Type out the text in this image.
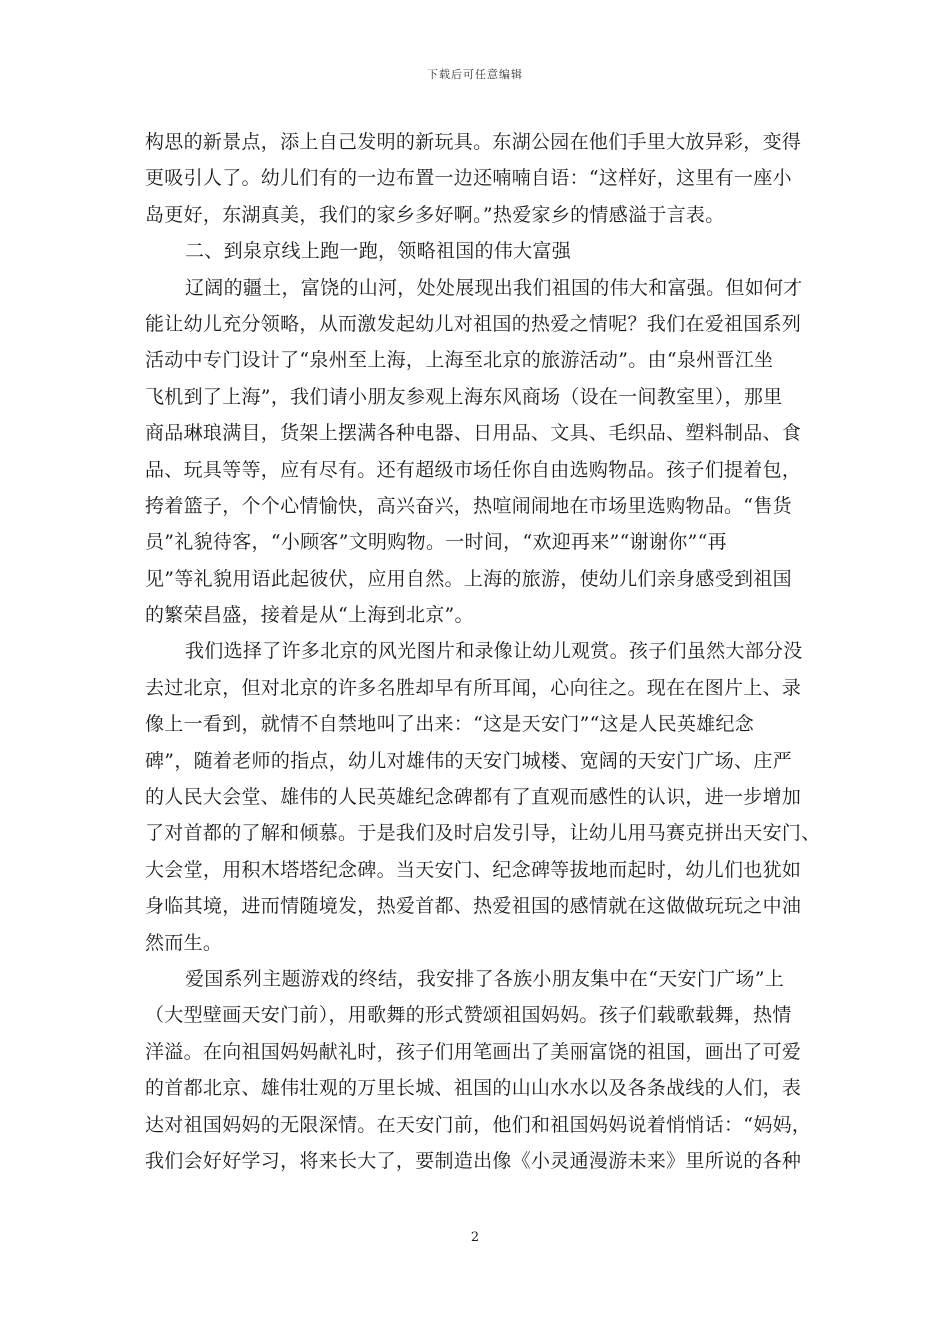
下载后可任意编辑
构思的新景点，添上自己发明的新玩具。东湖公园在他们手里大放异彩，变得
更吸引人了。幼儿们有的一边布置一边还喃喃自语：“这样好，这里有一座小
岛更好，东湖真美，我们的家乡多好啊。”热爱家乡的情感溢于言表。
二、到泉京线上跑一跑，领略祖国的伟大富强
辽阔的疆土，富饶的山河，处处展现出我们祖国的伟大和富强。但如何才
能让幼儿充分领略，从而激发起幼儿对祖国的热爱之情呢？我们在爱祖国系列
活动中专门设计了“泉州至上海，上海至北京的旅游活动”。由“泉州晋江坐
飞机到了上海”，我们请小朋友参观上海东风商场（设在一间教室里），那里
商品琳琅满目，货架上摆满各种电器、日用品、文具、毛织品、塑料制品、食
品、玩具等等，应有尽有。还有超级市场任你自由选购物品。孩子们提着包，
挎着篮子，个个心情愉快，高兴奋兴，热喧闹闹地在市场里选购物品。“售货
员”礼貌待客，“小顾客”文明购物。一时间，“欢迎再来”“谢谢你”“再
见”等礼貌用语此起彼伏，应用自然。上海的旅游，使幼儿们亲身感受到祖国
的繁荣昌盛，接着是从“上海到北京”。
我们选择了许多北京的风光图片和录像让幼儿观赏。孩子们虽然大部分没
去过北京，但对北京的许多名胜却早有所耳闻，心向往之。现在在图片上、录
像上一看到，就情不自禁地叫了出来：“这是天安门”“这是人民英雄纪念
碑”，随着老师的指点，幼儿对雄伟的天安门城楼、宽阔的天安门广场、庄严
的人民大会堂、雄伟的人民英雄纪念碑都有了直观而感性的认识，进一步增加
了对首都的了解和倾慕。于是我们及时启发引导，让幼儿用马赛克拼出天安门、
大会堂，用积木塔塔纪念碑。当天安门、纪念碑等拔地而起时，幼儿们也犹如
身临其境，进而情随境发，热爱首都、热爱祖国的感情就在这做做玩玩之中油
然而生。
爱国系列主题游戏的终结，我安排了各族小朋友集中在“天安门广场”上
（大型壁画天安门前），用歌舞的形式赞颂祖国妈妈。孩子们载歌载舞，热情
洋溢。在向祖国妈妈献礼时，孩子们用笔画出了美丽富饶的祖国，画出了可爱
的首都北京、雄伟壮观的万里长城、祖国的山山水水以及各条战线的人们，表
达对祖国妈妈的无限深情。在天安门前，他们和祖国妈妈说着悄悄话：“妈妈，
我们会好好学习，将来长大了，要制造出像《小灵通漫游未来》里所说的各种
2
